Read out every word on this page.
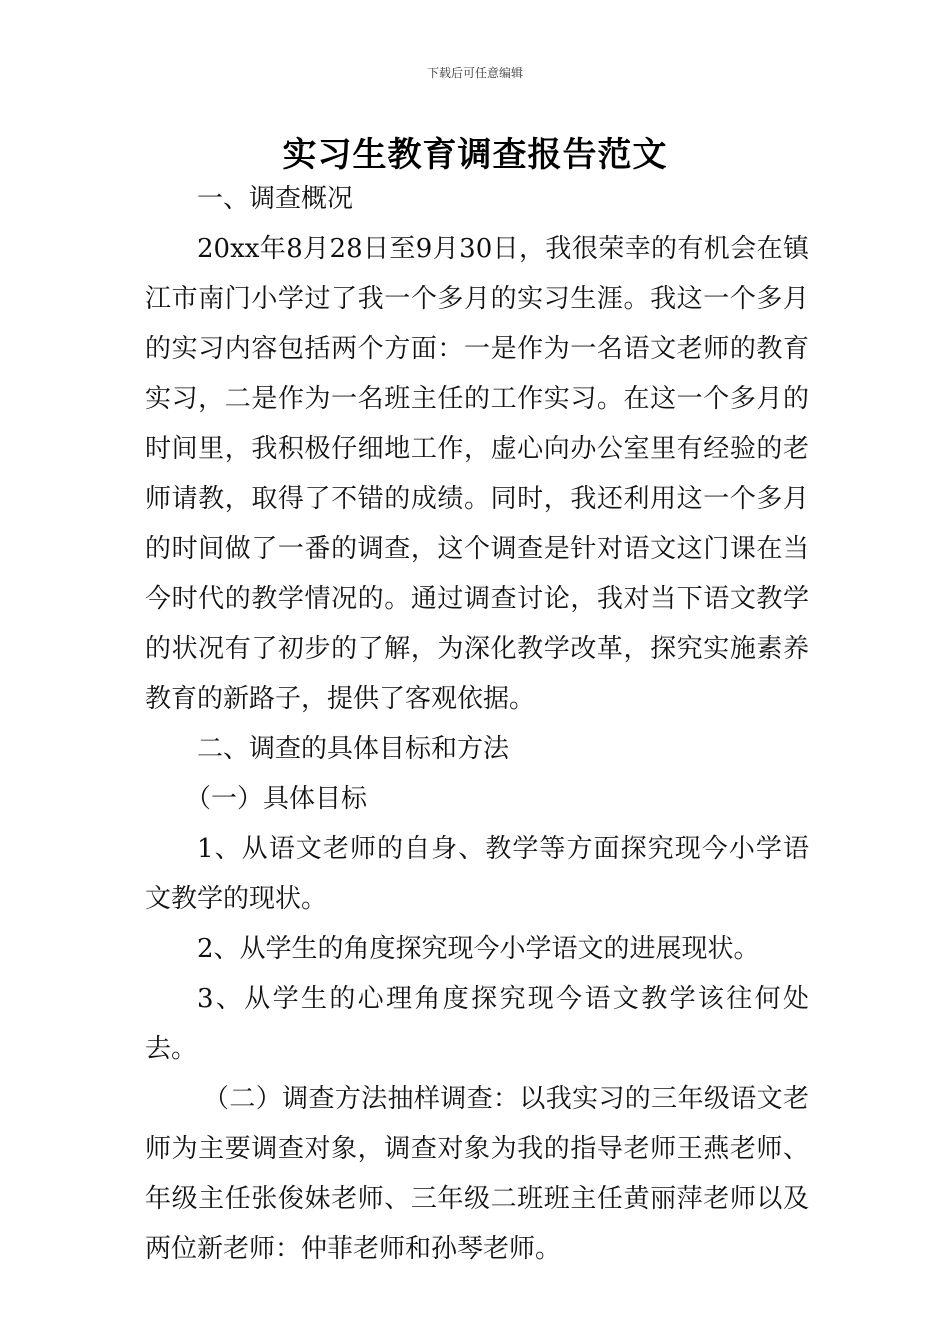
下载后可任意编辑
实习生教育调查报告范文

一、调查概况

20xx年8月28日至9月30日，我很荣幸的有机会在镇江市南门小学过了我一个多月的实习生涯。我这一个多月的实习内容包括两个方面：一是作为一名语文老师的教育实习，二是作为一名班主任的工作实习。在这一个多月的时间里，我积极仔细地工作，虚心向办公室里有经验的老师请教，取得了不错的成绩。同时，我还利用这一个多月的时间做了一番的调查，这个调查是针对语文这门课在当今时代的教学情况的。通过调查讨论，我对当下语文教学的状况有了初步的了解，为深化教学改革，探究实施素养教育的新路子，提供了客观依据。

二、调查的具体目标和方法

（一）具体目标

1、从语文老师的自身、教学等方面探究现今小学语文教学的现状。

2、从学生的角度探究现今小学语文的进展现状。

3、从学生的心理角度探究现今语文教学该往何处去。

（二）调查方法抽样调查：以我实习的三年级语文老师为主要调查对象，调查对象为我的指导老师王燕老师、年级主任张俊妹老师、三年级二班班主任黄丽萍老师以及两位新老师：仲菲老师和孙琴老师。
